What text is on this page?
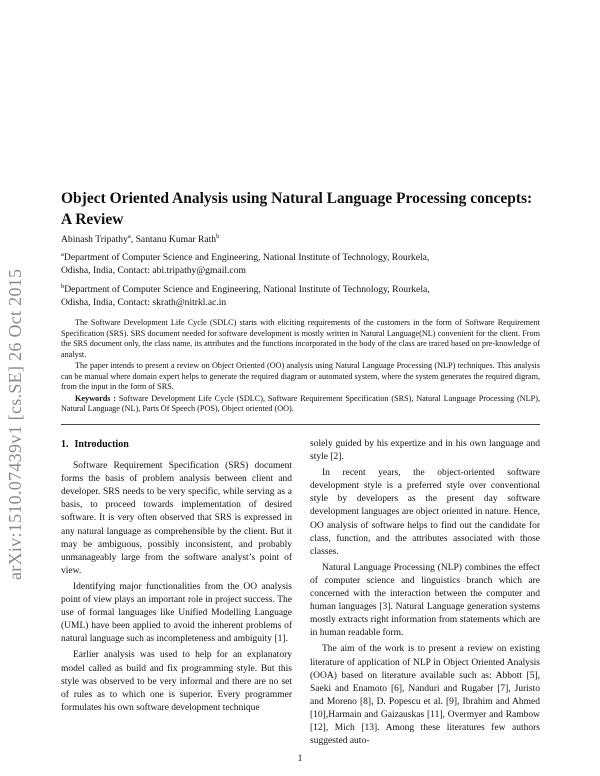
arXiv:1510.07439v1 [cs.SE] 26 Oct 2015
Object Oriented Analysis using Natural Language Processing concepts: A Review
Abinash Tripathy$^a$, Santanu Kumar Rath$^b$
$^a$Department of Computer Science and Engineering, National Institute of Technology, Rourkela,
Odisha, India, Contact: abi.tripathy@gmail.com
$^b$Department of Computer Science and Engineering, National Institute of Technology, Rourkela,
Odisha, India, Contact: skrath@nitrkl.ac.in

The Software Development Life Cycle (SDLC) starts with eliciting requirements of the customers in the form of Software Requirement Specification (SRS). SRS document needed for software development is mostly written in Natural Language(NL) convenient for the client. From the SRS document only, the class name, its attributes and the functions incorporated in the body of the class are traced based on pre-knowledge of analyst.

The paper intends to present a review on Object Oriented (OO) analysis using Natural Language Processing (NLP) techniques. This analysis can be manual where domain expert helps to generate the required diagram or automated system, where the system generates the required digram, from the input in the form of SRS.

Keywords : Software Development Life Cycle (SDLC), Software Requirement Specification (SRS), Natural Language Processing (NLP), Natural Language (NL), Parts Of Speech (POS), Object oriented (OO).

1. Introduction

Software Requirement Specification (SRS) document forms the basis of problem analysis between client and developer. SRS needs to be very specific, while serving as a basis, to proceed towards implementation of desired software. It is very often observed that SRS is expressed in any natural language as comprehensible by the client. But it may be ambiguous, possibly inconsistent, and probably unmanageably large from the software analyst’s point of view.

Identifying major functionalities from the OO analysis point of view plays an important role in project success. The use of formal languages like Unified Modelling Language (UML) have been applied to avoid the inherent problems of natural language such as incompleteness and ambiguity [1].

Earlier analysis was used to help for an explanatory model called as build and fix programming style. But this style was observed to be very informal and there are no set of rules as to which one is superior. Every programmer formulates his own software development technique

solely guided by his expertize and in his own language and style [2].

In recent years, the object-oriented software development style is a preferred style over conventional style by developers as the present day software development languages are object oriented in nature. Hence, OO analysis of software helps to find out the candidate for class, function, and the attributes associated with those classes.

Natural Language Processing (NLP) combines the effect of computer science and linguistics branch which are concerned with the interaction between the computer and human languages [3]. Natural Language generation systems mostly extracts right information from statements which are in human readable form.

The aim of the work is to present a review on existing literature of application of NLP in Object Oriented Analysis (OOA) based on literature available such as: Abbott [5], Saeki and Enamoto [6], Nanduri and Rugaber [7], Juristo and Moreno [8], D. Popescu et al. [9], Ibrahim and Ahmed [10],Harmain and Gaizauskas [11], Overmyer and Rambow [12], Mich [13]. Among these literatures few authors suggested auto-

1
